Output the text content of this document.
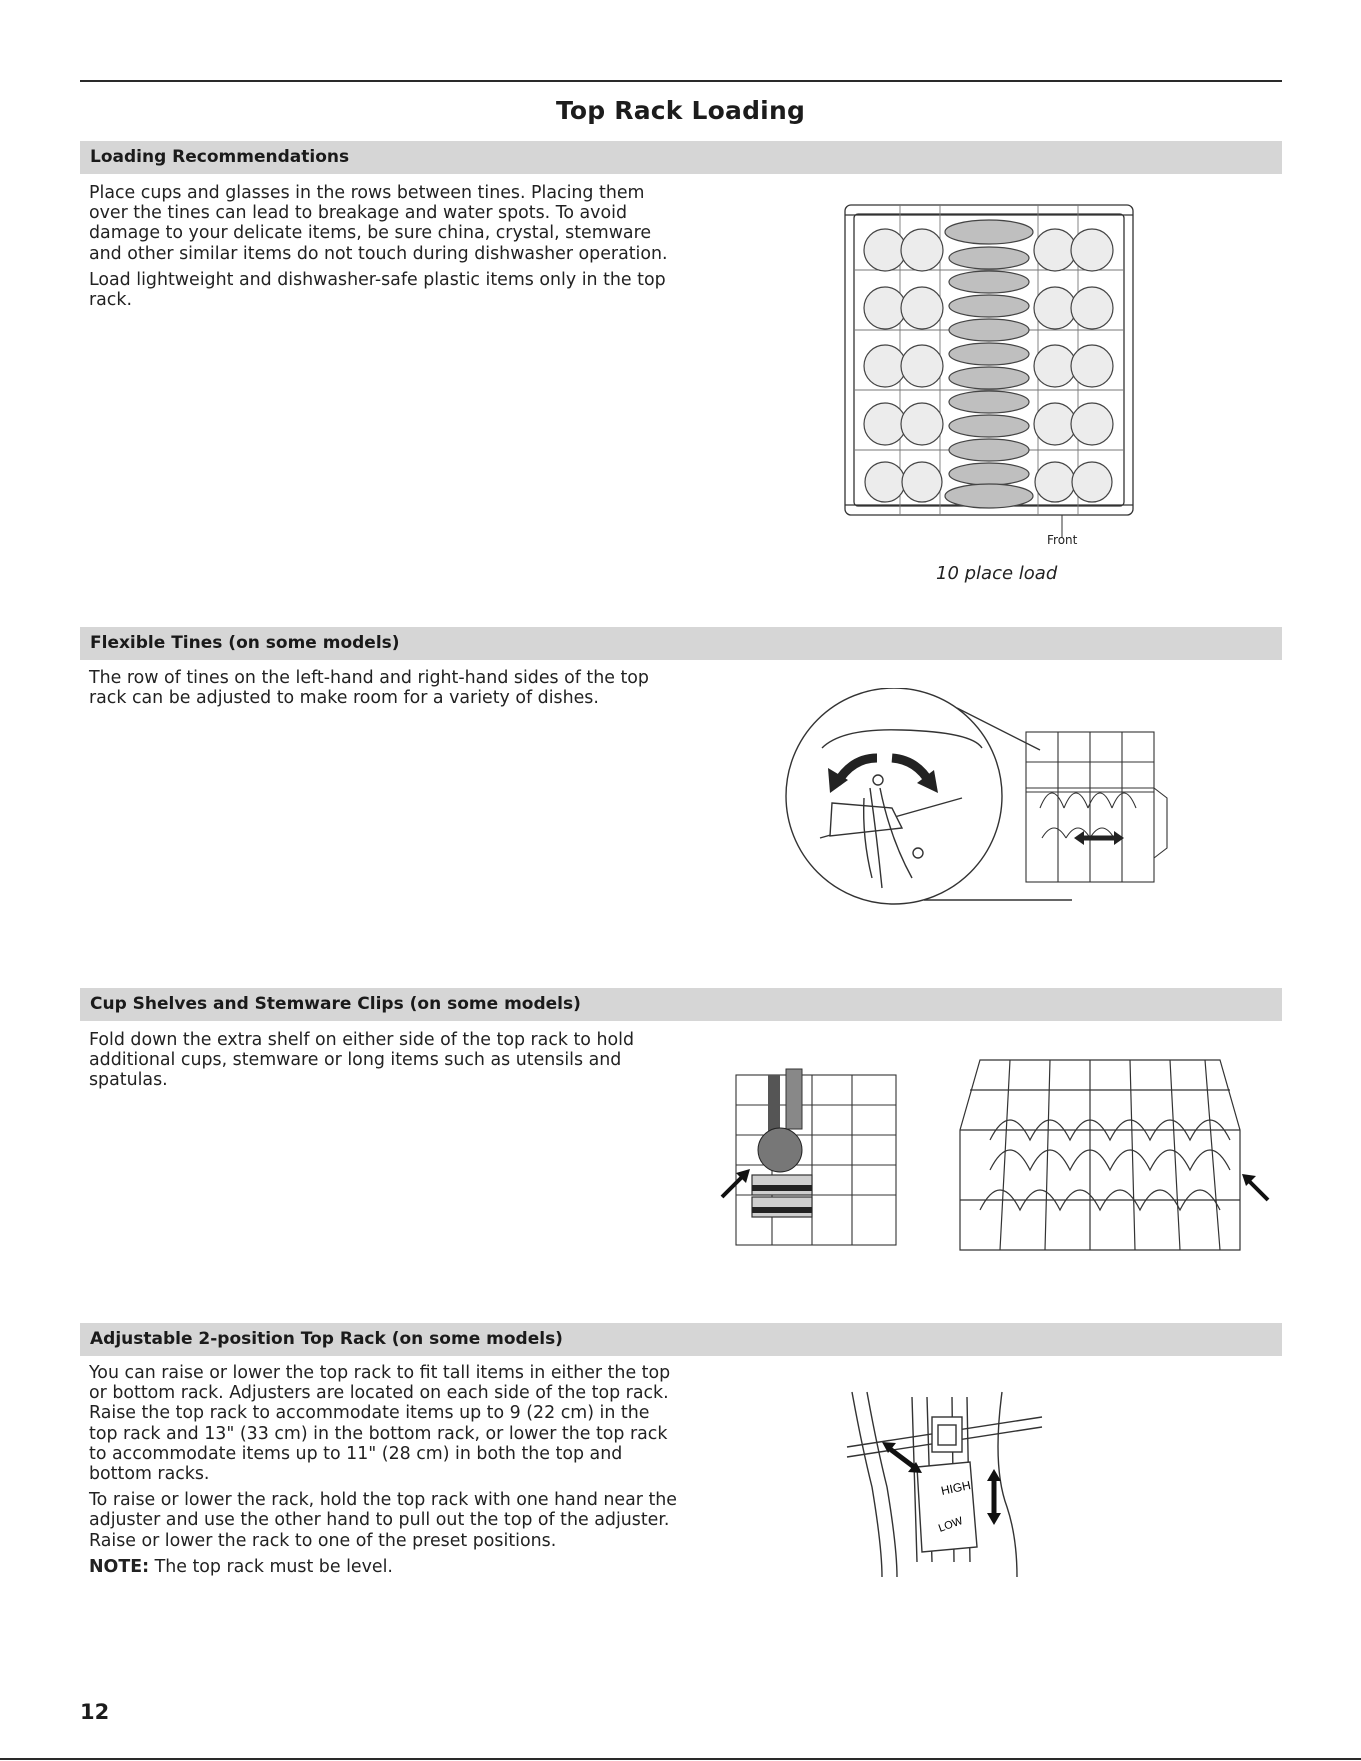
Top Rack Loading
Loading Recommendations

Place cups and glasses in the rows between tines. Placing them over the tines can lead to breakage and water spots. To avoid damage to your delicate items, be sure china, crystal, stemware and other similar items do not touch during dishwasher operation.

Load lightweight and dishwasher-safe plastic items only in the top rack.

Front
10 place load
Flexible Tines (on some models)

The row of tines on the left-hand and right-hand sides of the top rack can be adjusted to make room for a variety of dishes.

Cup Shelves and Stemware Clips (on some models)

Fold down the extra shelf on either side of the top rack to hold additional cups, stemware or long items such as utensils and spatulas.

Adjustable 2-position Top Rack (on some models)

You can raise or lower the top rack to fit tall items in either the top or bottom rack. Adjusters are located on each side of the top rack. Raise the top rack to accommodate items up to 9 (22 cm) in the top rack and 13" (33 cm) in the bottom rack, or lower the top rack to accommodate items up to 11" (28 cm) in both the top and bottom racks.

To raise or lower the rack, hold the top rack with one hand near the adjuster and use the other hand to pull out the top of the adjuster. Raise or lower the rack to one of the preset positions.

NOTE: The top rack must be level.

HIGH
LOW
12
